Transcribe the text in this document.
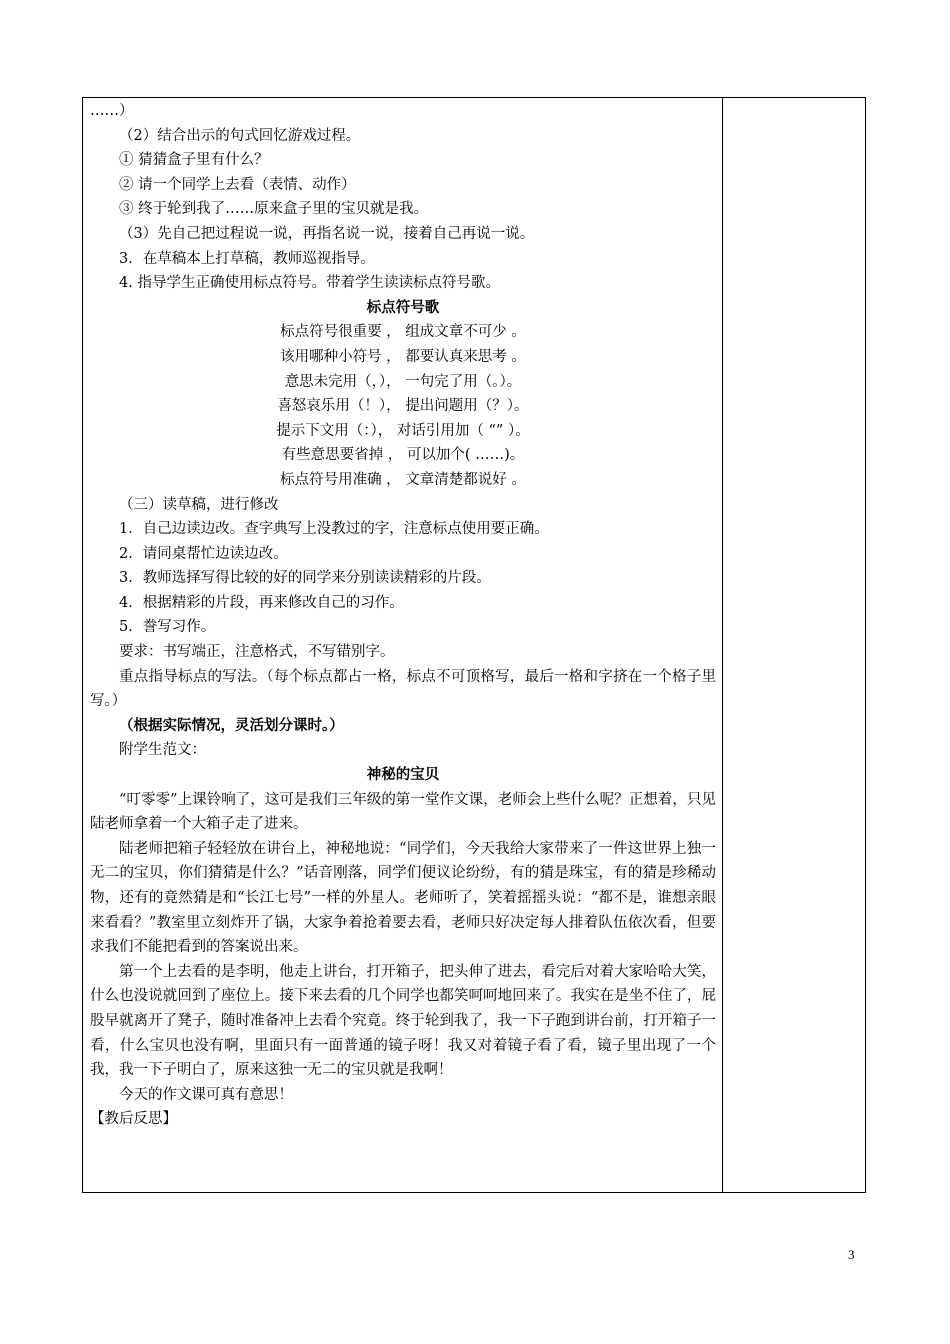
……）

（2）结合出示的句式回忆游戏过程。

① 猜猜盒子里有什么？

② 请一个同学上去看（表情、动作）

③ 终于轮到我了……原来盒子里的宝贝就是我。

（3）先自己把过程说一说，再指名说一说，接着自己再说一说。

3．在草稿本上打草稿，教师巡视指导。

4. 指导学生正确使用标点符号。带着学生读读标点符号歌。

标点符号歌

标点符号很重要 ， 组成文章不可少 。

该用哪种小符号 ， 都要认真来思考 。

意思未完用（，）， 一句完了用（。）。

喜怒哀乐用（！）， 提出问题用（？）。

提示下文用（：）， 对话引用加（ “” ）。

有些意思要省掉 ， 可以加个( ……)。

标点符号用准确 ， 文章清楚都说好 。

（三）读草稿，进行修改

1．自己边读边改。查字典写上没教过的字，注意标点使用要正确。

2．请同桌帮忙边读边改。

3．教师选择写得比较的好的同学来分别读读精彩的片段。

4．根据精彩的片段，再来修改自己的习作。

5．誊写习作。

要求：书写端正，注意格式，不写错别字。

重点指导标点的写法。（每个标点都占一格，标点不可顶格写，最后一格和字挤在一个格子里写。）

（根据实际情况，灵活划分课时。）

附学生范文：

神秘的宝贝

“叮零零”上课铃响了，这可是我们三年级的第一堂作文课，老师会上些什么呢？正想着，只见陆老师拿着一个大箱子走了进来。

陆老师把箱子轻轻放在讲台上，神秘地说：“同学们，今天我给大家带来了一件这世界上独一无二的宝贝，你们猜猜是什么？”话音刚落，同学们便议论纷纷，有的猜是珠宝，有的猜是珍稀动物，还有的竟然猜是和“长江七号”一样的外星人。老师听了，笑着摇摇头说：“都不是，谁想亲眼来看看？”教室里立刻炸开了锅，大家争着抢着要去看，老师只好决定每人排着队伍依次看，但要求我们不能把看到的答案说出来。

第一个上去看的是李明，他走上讲台，打开箱子，把头伸了进去，看完后对着大家哈哈大笑，什么也没说就回到了座位上。接下来去看的几个同学也都笑呵呵地回来了。我实在是坐不住了，屁股早就离开了凳子，随时准备冲上去看个究竟。终于轮到我了，我一下子跑到讲台前，打开箱子一看，什么宝贝也没有啊，里面只有一面普通的镜子呀！我又对着镜子看了看，镜子里出现了一个我，我一下子明白了，原来这独一无二的宝贝就是我啊！

今天的作文课可真有意思！

【教后反思】

3
